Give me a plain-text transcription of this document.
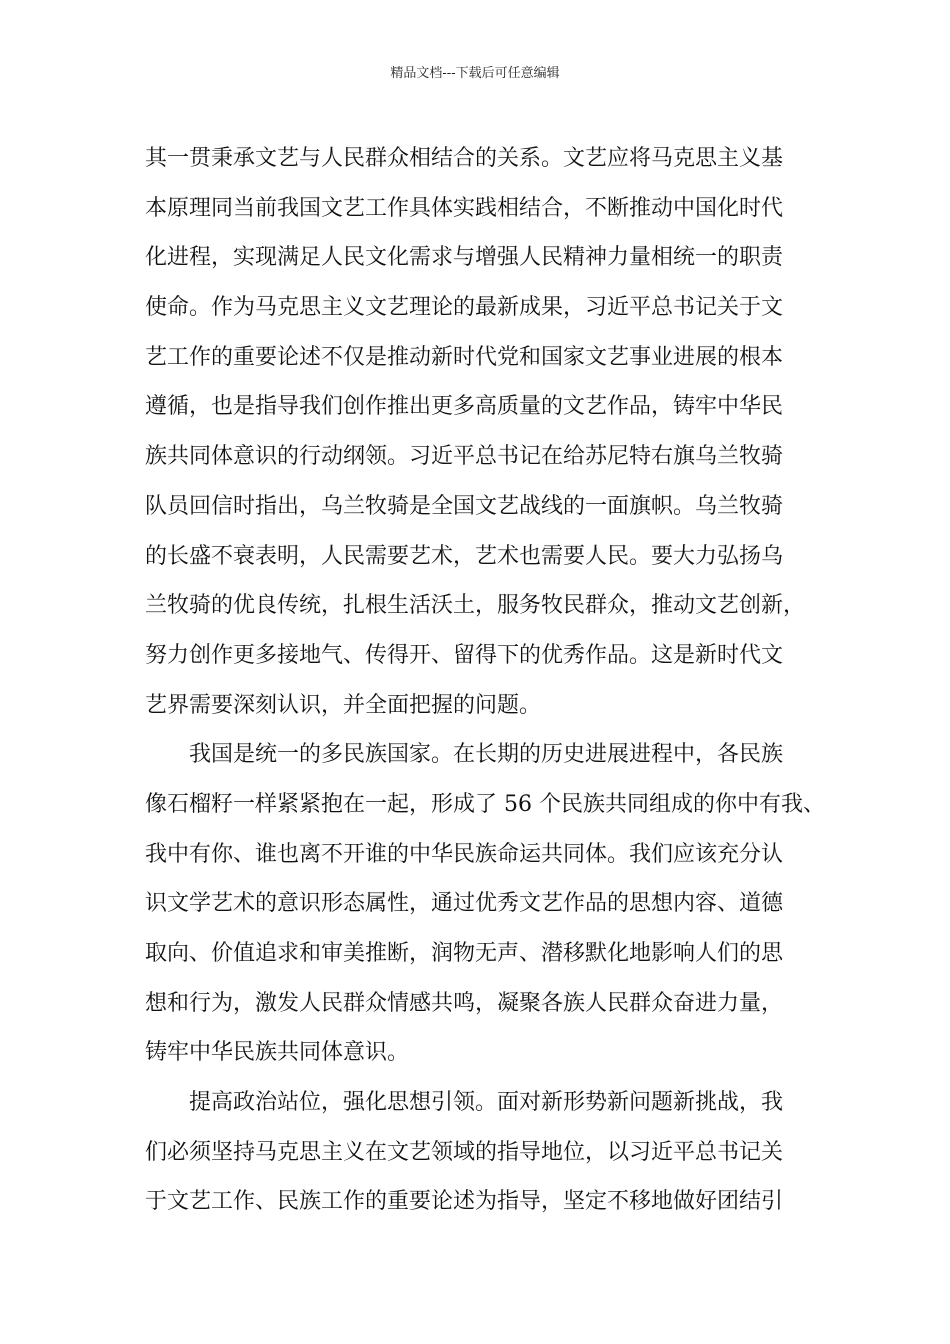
精品文档---下载后可任意编辑
其一贯秉承文艺与人民群众相结合的关系。文艺应将马克思主义基
本原理同当前我国文艺工作具体实践相结合，不断推动中国化时代
化进程，实现满足人民文化需求与增强人民精神力量相统一的职责
使命。作为马克思主义文艺理论的最新成果，习近平总书记关于文
艺工作的重要论述不仅是推动新时代党和国家文艺事业进展的根本
遵循，也是指导我们创作推出更多高质量的文艺作品，铸牢中华民
族共同体意识的行动纲领。习近平总书记在给苏尼特右旗乌兰牧骑
队员回信时指出，乌兰牧骑是全国文艺战线的一面旗帜。乌兰牧骑
的长盛不衰表明，人民需要艺术，艺术也需要人民。要大力弘扬乌
兰牧骑的优良传统，扎根生活沃土，服务牧民群众，推动文艺创新，
努力创作更多接地气、传得开、留得下的优秀作品。这是新时代文
艺界需要深刻认识，并全面把握的问题。
我国是统一的多民族国家。在长期的历史进展进程中，各民族
像石榴籽一样紧紧抱在一起，形成了 56 个民族共同组成的你中有我、
我中有你、谁也离不开谁的中华民族命运共同体。我们应该充分认
识文学艺术的意识形态属性，通过优秀文艺作品的思想内容、道德
取向、价值追求和审美推断，润物无声、潜移默化地影响人们的思
想和行为，激发人民群众情感共鸣，凝聚各族人民群众奋进力量，
铸牢中华民族共同体意识。
提高政治站位，强化思想引领。面对新形势新问题新挑战，我
们必须坚持马克思主义在文艺领域的指导地位，以习近平总书记关
于文艺工作、民族工作的重要论述为指导，坚定不移地做好团结引
